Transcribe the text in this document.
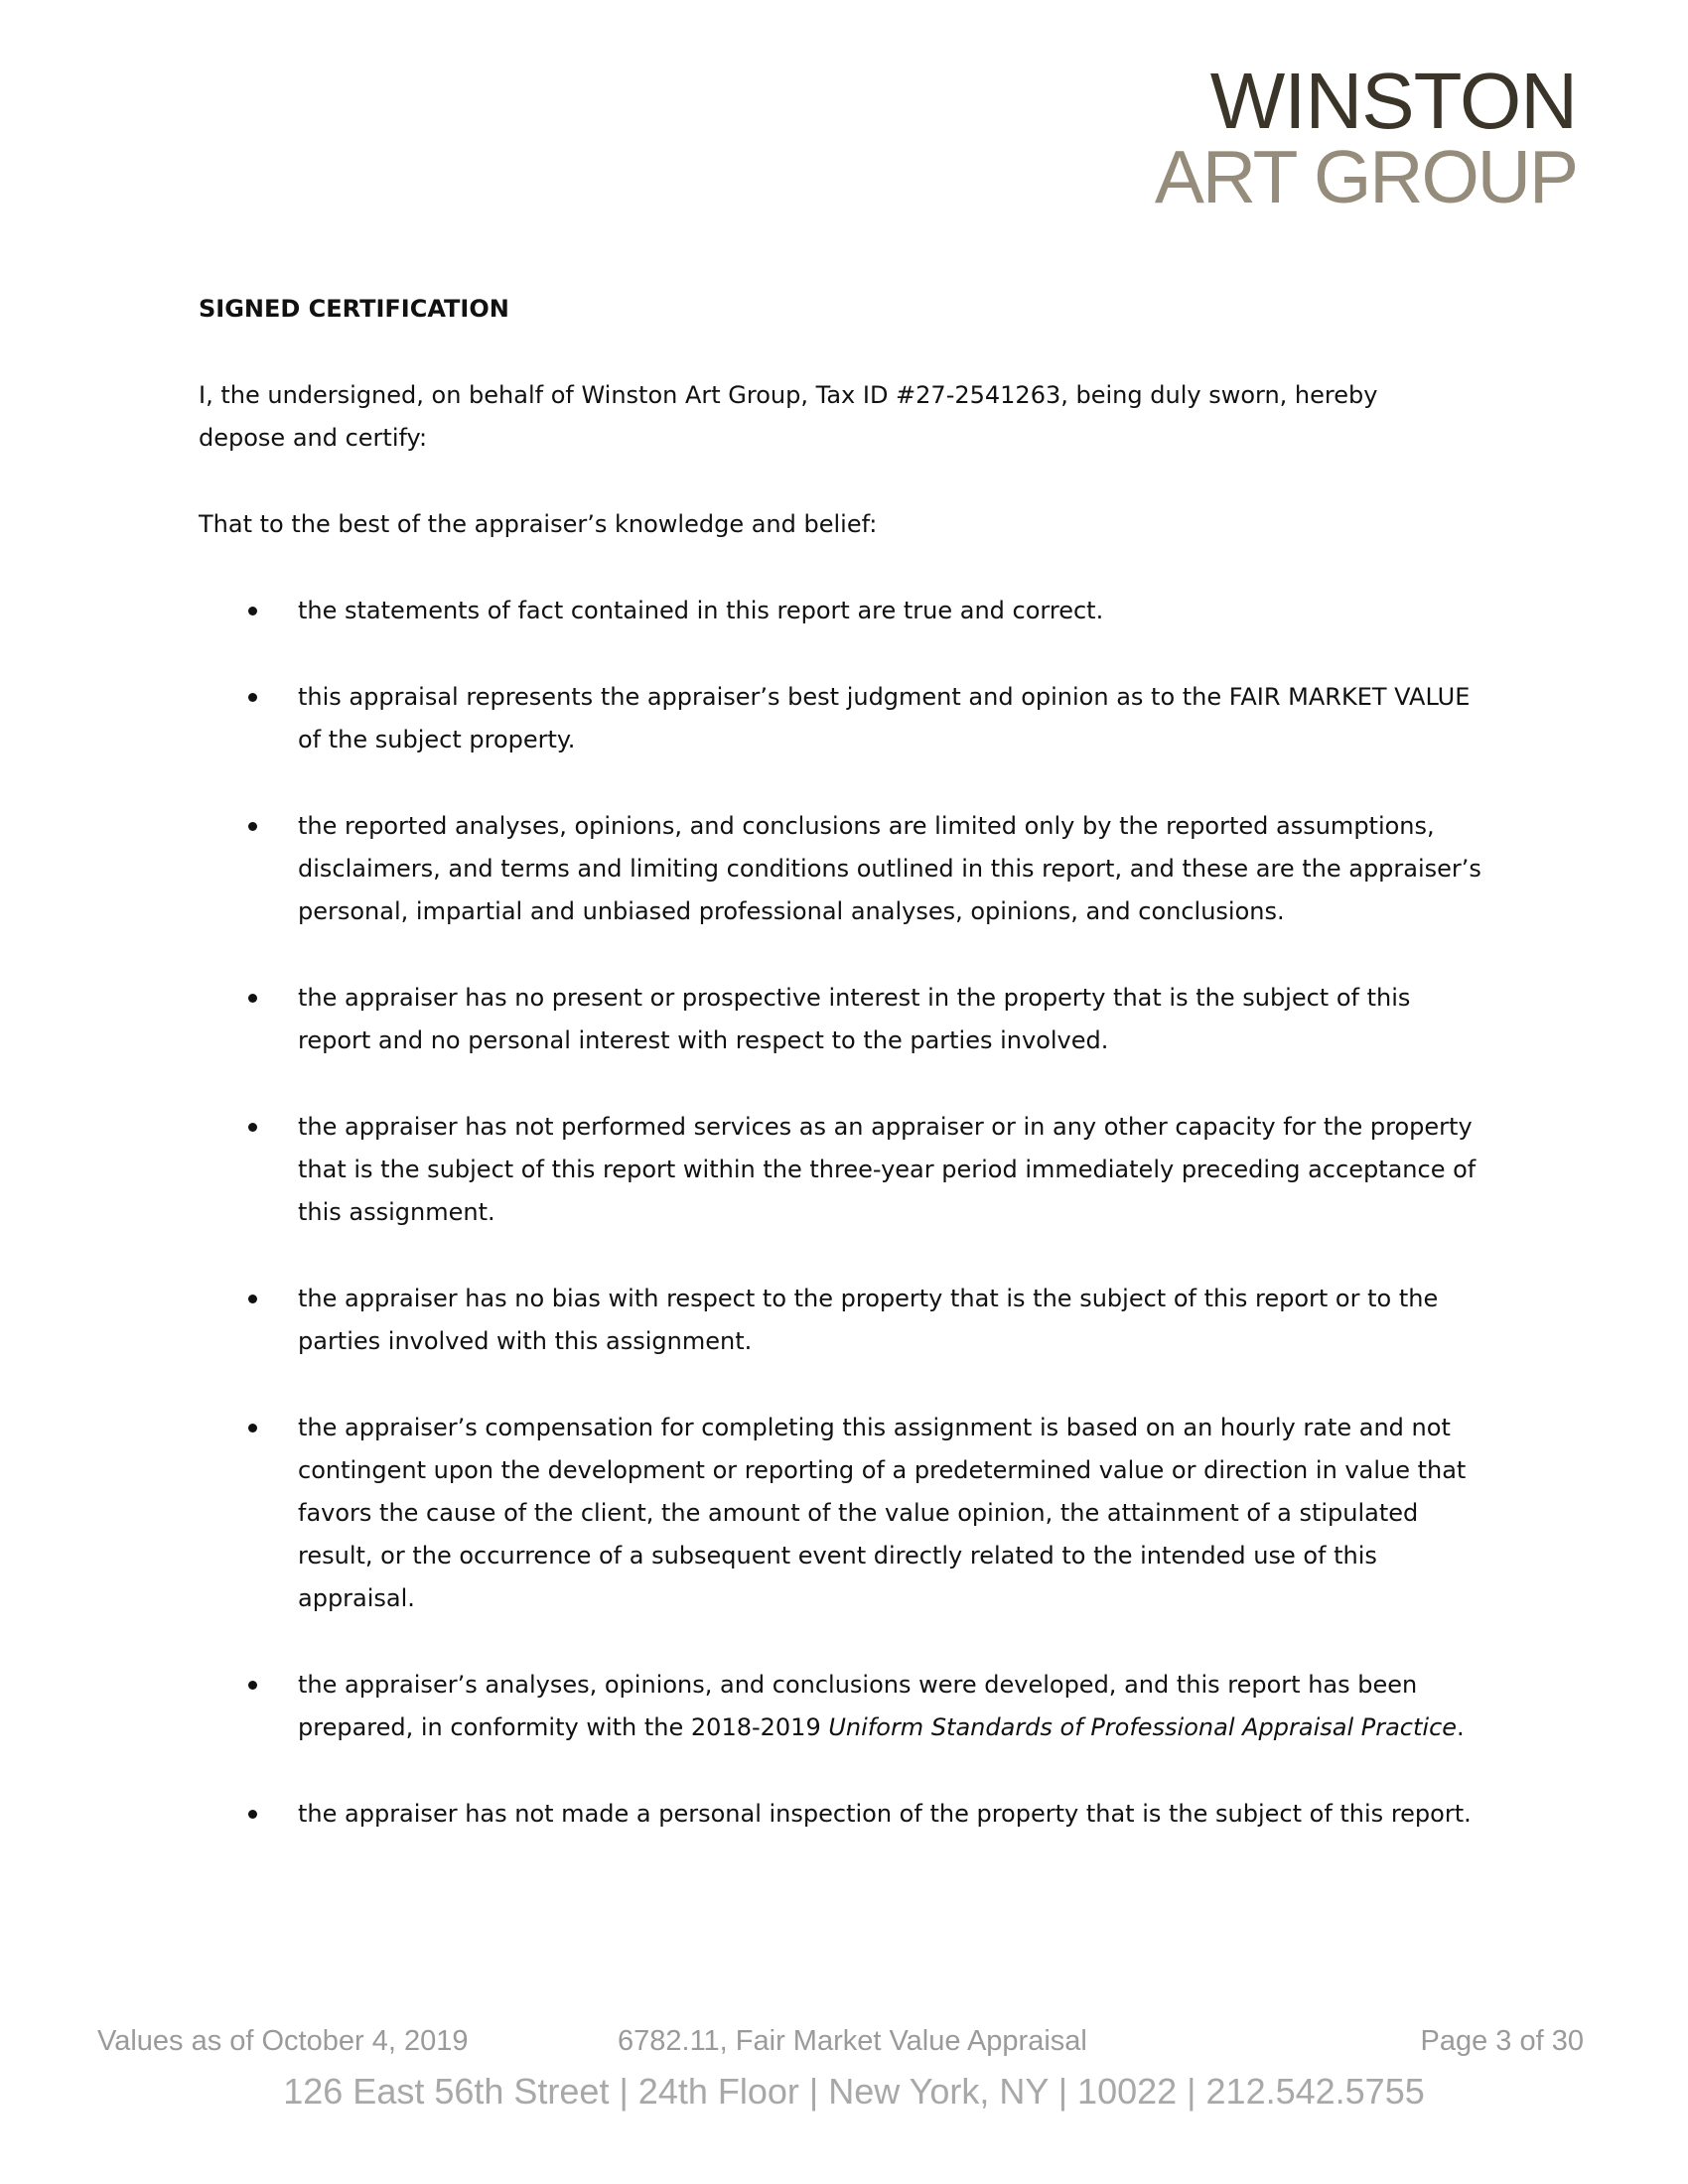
WINSTON
ART GROUP
SIGNED CERTIFICATION
I, the undersigned, on behalf of Winston Art Group, Tax ID #27-2541263, being duly sworn, hereby depose and certify:
That to the best of the appraiser’s knowledge and belief:
the statements of fact contained in this report are true and correct.
this appraisal represents the appraiser’s best judgment and opinion as to the FAIR MARKET VALUE of the subject property.
the reported analyses, opinions, and conclusions are limited only by the reported assumptions, disclaimers, and terms and limiting conditions outlined in this report, and these are the appraiser’s personal, impartial and unbiased professional analyses, opinions, and conclusions.
the appraiser has no present or prospective interest in the property that is the subject of this report and no personal interest with respect to the parties involved.
the appraiser has not performed services as an appraiser or in any other capacity for the property that is the subject of this report within the three-year period immediately preceding acceptance of this assignment.
the appraiser has no bias with respect to the property that is the subject of this report or to the parties involved with this assignment.
the appraiser’s compensation for completing this assignment is based on an hourly rate and not contingent upon the development or reporting of a predetermined value or direction in value that favors the cause of the client, the amount of the value opinion, the attainment of a stipulated result, or the occurrence of a subsequent event directly related to the intended use of this appraisal.
the appraiser’s analyses, opinions, and conclusions were developed, and this report has been prepared, in conformity with the 2018-2019 Uniform Standards of Professional Appraisal Practice.
the appraiser has not made a personal inspection of the property that is the subject of this report.
Values as of October 4, 2019	6782.11, Fair Market Value Appraisal	Page 3 of 30
126 East 56th Street | 24th Floor | New York, NY | 10022 | 212.542.5755
